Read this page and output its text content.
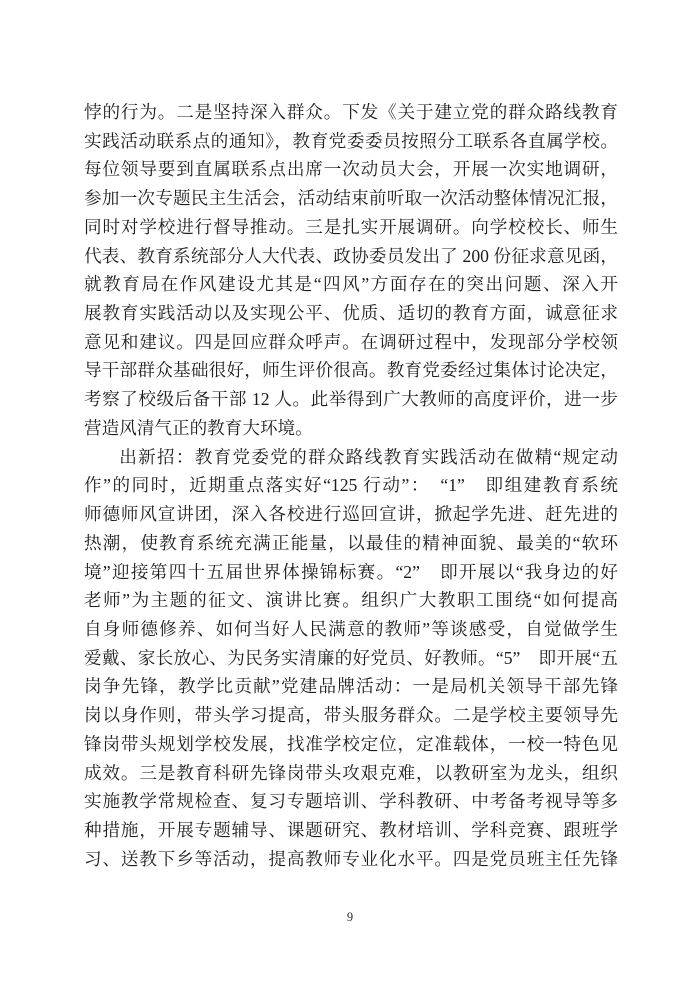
悖的行为。二是坚持深入群众。下发《关于建立党的群众路线教育
实践活动联系点的通知》，教育党委委员按照分工联系各直属学校。
每位领导要到直属联系点出席一次动员大会，开展一次实地调研，
参加一次专题民主生活会，活动结束前听取一次活动整体情况汇报，
同时对学校进行督导推动。三是扎实开展调研。向学校校长、师生
代表、教育系统部分人大代表、政协委员发出了 200 份征求意见函，
就教育局在作风建设尤其是“四风”方面存在的突出问题、深入开
展教育实践活动以及实现公平、优质、适切的教育方面，诚意征求
意见和建议。四是回应群众呼声。在调研过程中，发现部分学校领
导干部群众基础很好，师生评价很高。教育党委经过集体讨论决定，
考察了校级后备干部 12 人。此举得到广大教师的高度评价，进一步
营造风清气正的教育大环境。
出新招：教育党委党的群众路线教育实践活动在做精“规定动
作”的同时，近期重点落实好“125 行动”：　“1”　即组建教育系统
师德师风宣讲团，深入各校进行巡回宣讲，掀起学先进、赶先进的
热潮，使教育系统充满正能量，以最佳的精神面貌、最美的“软环
境”迎接第四十五届世界体操锦标赛。“2”　即开展以“我身边的好
老师”为主题的征文、演讲比赛。组织广大教职工围绕“如何提高
自身师德修养、如何当好人民满意的教师”等谈感受，自觉做学生
爱戴、家长放心、为民务实清廉的好党员、好教师。“5”　即开展“五
岗争先锋，教学比贡献”党建品牌活动：一是局机关领导干部先锋
岗以身作则，带头学习提高，带头服务群众。二是学校主要领导先
锋岗带头规划学校发展，找准学校定位，定准载体，一校一特色见
成效。三是教育科研先锋岗带头攻艰克难，以教研室为龙头，组织
实施教学常规检查、复习专题培训、学科教研、中考备考视导等多
种措施，开展专题辅导、课题研究、教材培训、学科竞赛、跟班学
习、送教下乡等活动，提高教师专业化水平。四是党员班主任先锋
9
